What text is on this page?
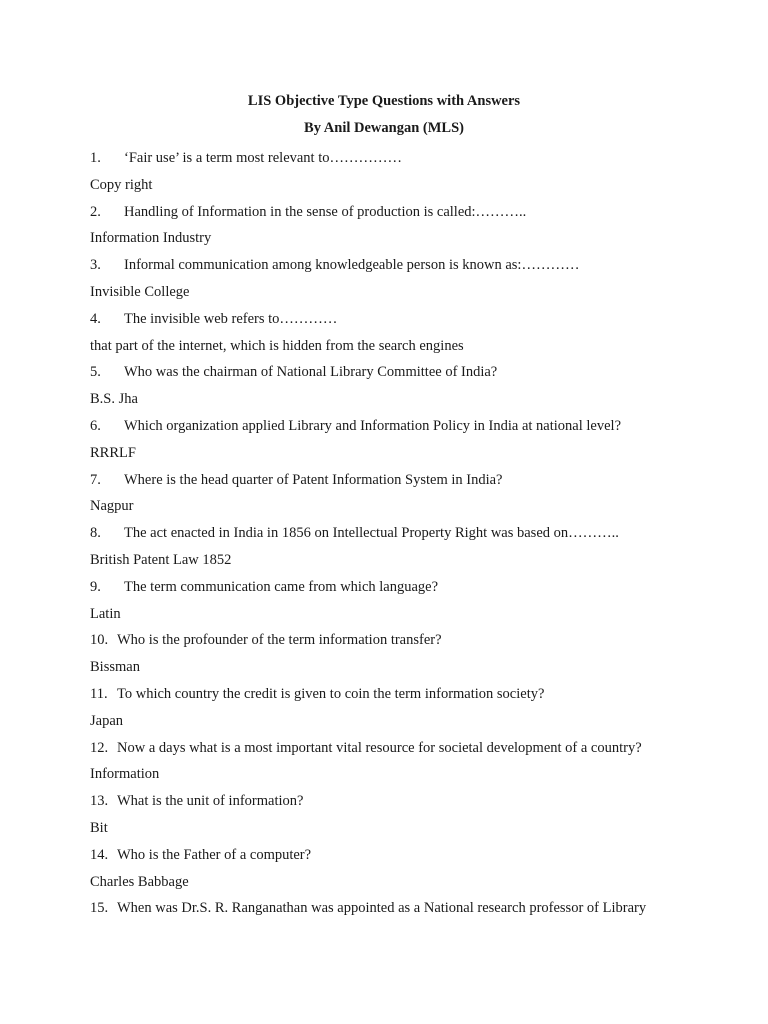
LIS Objective Type Questions with Answers
By Anil Dewangan (MLS)
1. ‘Fair use’ is a term most relevant to……………
Copy right
2. Handling of Information in the sense of production is called:………..
Information Industry
3. Informal communication among knowledgeable person is known as:…………
Invisible College
4. The invisible web refers to…………
that part of the internet, which is hidden from the search engines
5. Who was the chairman of National Library Committee of India?
B.S. Jha
6. Which organization applied Library and Information Policy in India at national level?
RRRLF
7. Where is the head quarter of Patent Information System in India?
Nagpur
8. The act enacted in India in 1856 on Intellectual Property Right was based on………..
British Patent Law 1852
9. The term communication came from which language?
Latin
10. Who is the profounder of the term information transfer?
Bissman
11. To which country the credit is given to coin the term information society?
Japan
12. Now a days what is a most important vital resource for societal development of a country?
Information
13. What is the unit of information?
Bit
14. Who is the Father of a computer?
Charles Babbage
15. When was Dr.S. R. Ranganathan was appointed as a National research professor of Library
